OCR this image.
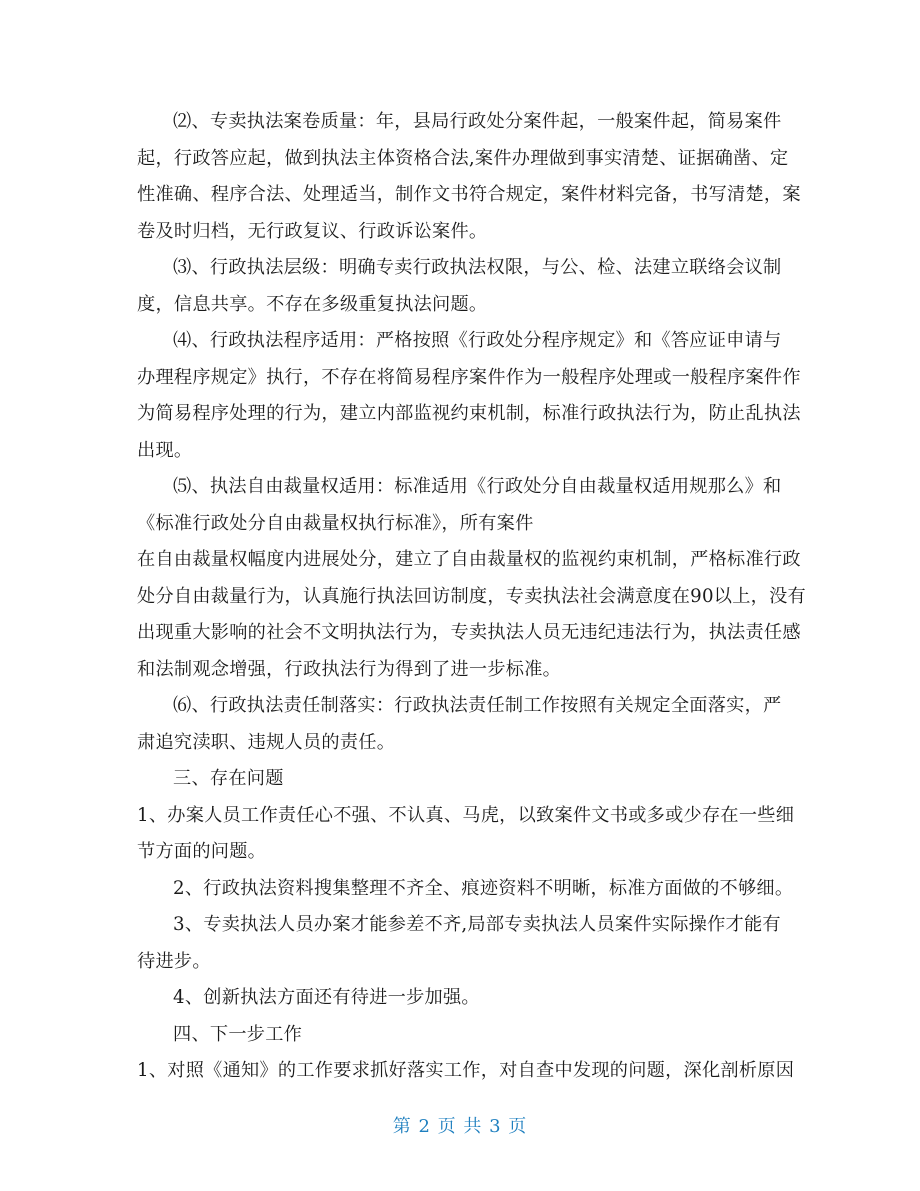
⑵、专卖执法案卷质量：年，县局行政处分案件起，一般案件起，简易案件
起，行政答应起，做到执法主体资格合法,案件办理做到事实清楚、证据确凿、定
性准确、程序合法、处理适当，制作文书符合规定，案件材料完备，书写清楚，案
卷及时归档，无行政复议、行政诉讼案件。
⑶、行政执法层级：明确专卖行政执法权限，与公、检、法建立联络会议制
度，信息共享。不存在多级重复执法问题。
⑷、行政执法程序适用：严格按照《行政处分程序规定》和《答应证申请与
办理程序规定》执行，不存在将简易程序案件作为一般程序处理或一般程序案件作
为简易程序处理的行为，建立内部监视约束机制，标准行政执法行为，防止乱执法
出现。
⑸、执法自由裁量权适用：标准适用《行政处分自由裁量权适用规那么》和
《标准行政处分自由裁量权执行标准》，所有案件
在自由裁量权幅度内进展处分，建立了自由裁量权的监视约束机制，严格标准行政
处分自由裁量行为，认真施行执法回访制度，专卖执法社会满意度在90以上，没有
出现重大影响的社会不文明执法行为，专卖执法人员无违纪违法行为，执法责任感
和法制观念增强，行政执法行为得到了进一步标准。
⑹、行政执法责任制落实：行政执法责任制工作按照有关规定全面落实，严
肃追究渎职、违规人员的责任。
三、存在问题
1、办案人员工作责任心不强、不认真、马虎，以致案件文书或多或少存在一些细
节方面的问题。
2、行政执法资料搜集整理不齐全、痕迹资料不明晰，标准方面做的不够细。
3、专卖执法人员办案才能参差不齐,局部专卖执法人员案件实际操作才能有
待进步。
4、创新执法方面还有待进一步加强。
四、下一步工作
1、对照《通知》的工作要求抓好落实工作，对自查中发现的问题，深化剖析原因
第 2 页 共 3 页
